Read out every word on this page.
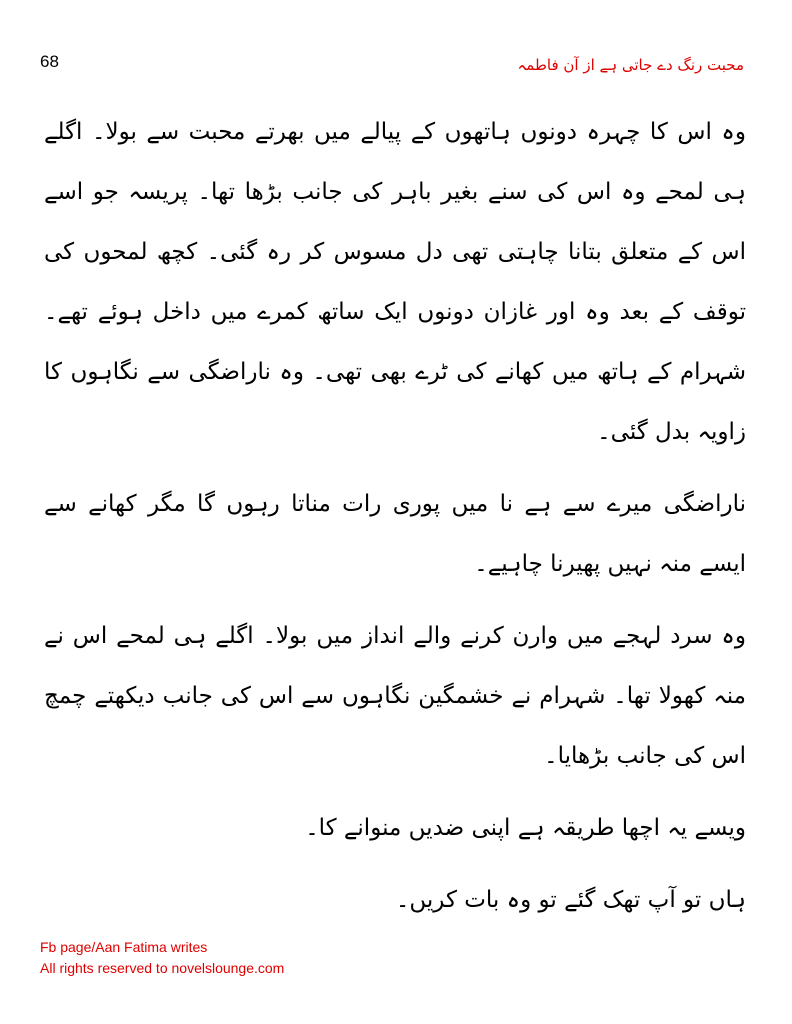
68	محبت رنگ دے جاتی ہے از آن فاطمہ

وہ اس کا چہرہ دونوں ہاتھوں کے پیالے میں بھرتے محبت سے بولا۔ اگلے ہی لمحے وہ اس کی سنے بغیر باہر کی جانب بڑھا تھا۔ پریسہ جو اسے اس کے متعلق بتانا چاہتی تھی دل مسوس کر رہ گئی۔ کچھ لمحوں کی توقف کے بعد وہ اور غازان دونوں ایک ساتھ کمرے میں داخل ہوئے تھے۔ شہرام کے ہاتھ میں کھانے کی ٹرے بھی تھی۔ وہ ناراضگی سے نگاہوں کا زاویہ بدل گئی۔

ناراضگی میرے سے ہے نا میں پوری رات مناتا رہوں گا مگر کھانے سے ایسے منہ نہیں پھیرنا چاہیے۔

وہ سرد لہجے میں وارن کرنے والے انداز میں بولا۔ اگلے ہی لمحے اس نے منہ کھولا تھا۔ شہرام نے خشمگین نگاہوں سے اس کی جانب دیکھتے چمچ اس کی جانب بڑھایا۔

ویسے یہ اچھا طریقہ ہے اپنی ضدیں منوانے کا۔

ہاں تو آپ تھک گئے تو وہ بات کریں۔

Fb page/Aan Fatima writes
All rights reserved to novelslounge.com
